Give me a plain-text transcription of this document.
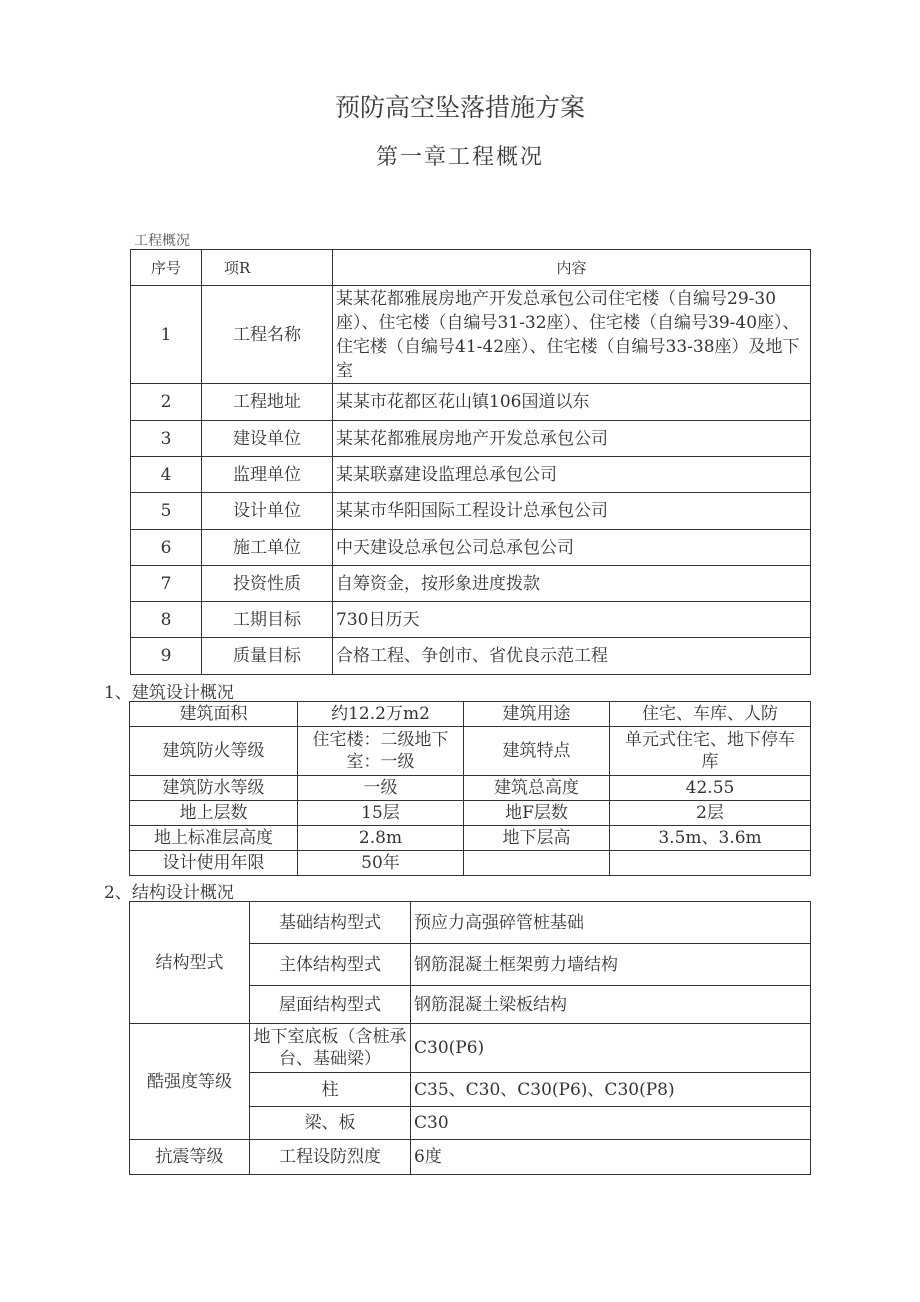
预防高空坠落措施方案
第一章工程概况
工程概况
序号	项R	内容
1	工程名称	某某花都雅展房地产开发总承包公司住宅楼（自编号29-30座）、住宅楼（自编号31-32座）、住宅楼（自编号39-40座）、住宅楼（自编号41-42座）、住宅楼（自编号33-38座）及地下室
2	工程地址	某某市花都区花山镇106国道以东
3	建设单位	某某花都雅展房地产开发总承包公司
4	监理单位	某某联嘉建设监理总承包公司
5	设计单位	某某市华阳国际工程设计总承包公司
6	施工单位	中天建设总承包公司总承包公司
7	投资性质	自筹资金，按形象进度拨款
8	工期目标	730日历天
9	质量目标	合格工程、争创市、省优良示范工程
1、建筑设计概况
建筑面积	约12.2万m2	建筑用途	住宅、车库、人防
建筑防火等级	住宅楼：二级地下室：一级	建筑特点	单元式住宅、地下停车库
建筑防水等级	一级	建筑总高度	42.55
地上层数	15层	地F层数	2层
地上标准层高度	2.8m	地下层高	3.5m、3.6m
设计使用年限	50年		
2、结构设计概况
结构型式	基础结构型式	预应力高强碎管桩基础
	主体结构型式	钢筋混凝土框架剪力墙结构
	屋面结构型式	钢筋混凝土梁板结构
酷强度等级	地下室底板（含桩承台、基础梁）	C30(P6)
	柱	C35、C30、C30(P6)、C30(P8)
	梁、板	C30
抗震等级	工程设防烈度	6度
